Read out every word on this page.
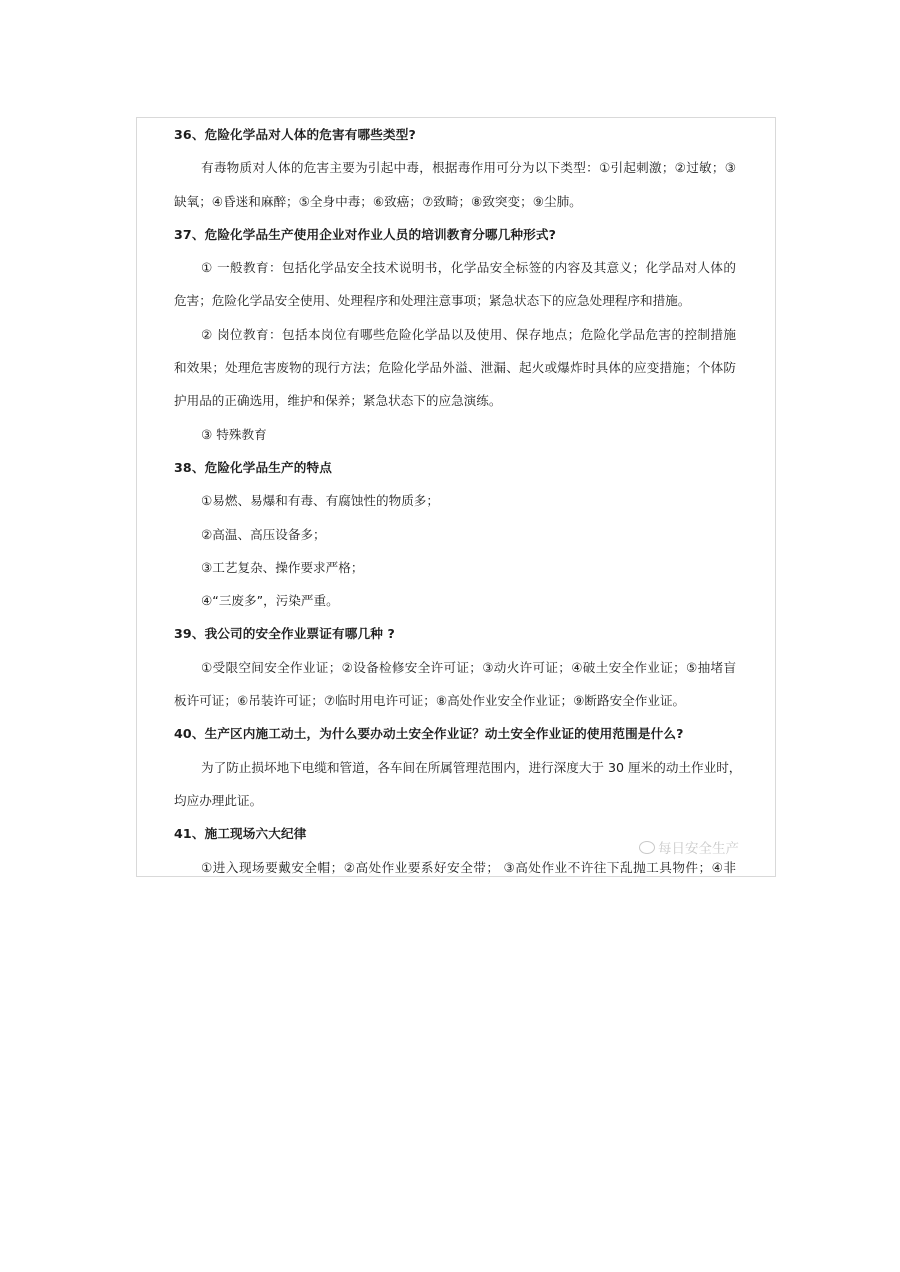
36、危险化学品对人体的危害有哪些类型?
有毒物质对人体的危害主要为引起中毒，根据毒作用可分为以下类型：①引起刺激；②过敏；③
缺氧；④昏迷和麻醉；⑤全身中毒；⑥致癌；⑦致畸；⑧致突变；⑨尘肺。
37、危险化学品生产使用企业对作业人员的培训教育分哪几种形式?
① 一般教育：包括化学品安全技术说明书，化学品安全标签的内容及其意义；化学品对人体的
危害；危险化学品安全使用、处理程序和处理注意事项；紧急状态下的应急处理程序和措施。
② 岗位教育：包括本岗位有哪些危险化学品以及使用、保存地点；危险化学品危害的控制措施
和效果；处理危害废物的现行方法；危险化学品外溢、泄漏、起火或爆炸时具体的应变措施；个体防
护用品的正确选用，维护和保养；紧急状态下的应急演练。
③ 特殊教育
38、危险化学品生产的特点
①易燃、易爆和有毒、有腐蚀性的物质多；
②高温、高压设备多；
③工艺复杂、操作要求严格；
④“三废多”，污染严重。
39、我公司的安全作业票证有哪几种 ?
①受限空间安全作业证；②设备检修安全许可证；③动火许可证；④破土安全作业证；⑤抽堵盲
板许可证；⑥吊装许可证；⑦临时用电许可证；⑧高处作业安全作业证；⑨断路安全作业证。
40、生产区内施工动土，为什么要办动土安全作业证？动土安全作业证的使用范围是什么?
为了防止损坏地下电缆和管道，各车间在所属管理范围内，进行深度大于 30 厘米的动土作业时，
均应办理此证。
41、施工现场六大纪律
①进入现场要戴安全帽；②高处作业要系好安全带； ③高处作业不许往下乱抛工具物件；④非
每日安全生产
